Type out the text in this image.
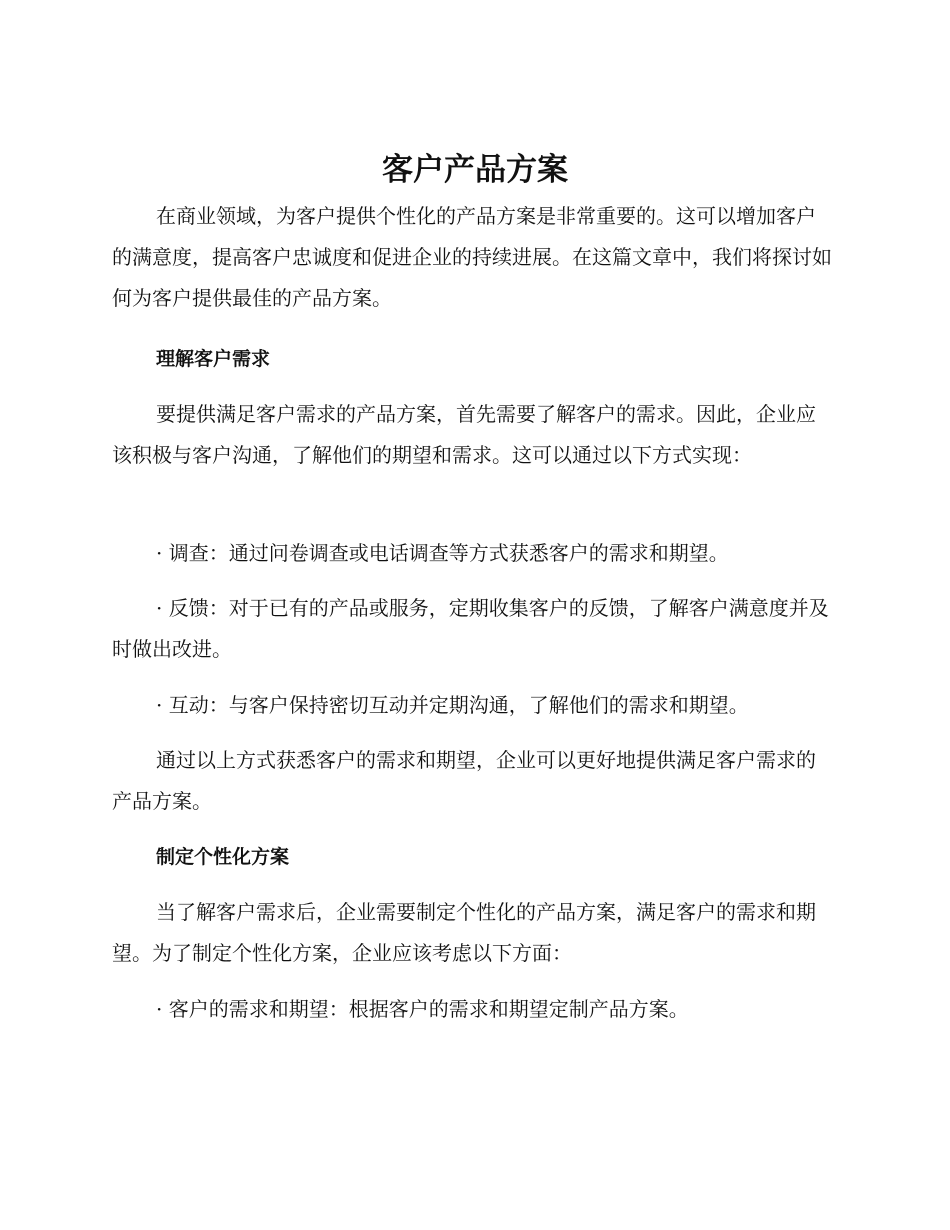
客户产品方案

在商业领域，为客户提供个性化的产品方案是非常重要的。这可以增加客户的满意度，提高客户忠诚度和促进企业的持续进展。在这篇文章中，我们将探讨如何为客户提供最佳的产品方案。

理解客户需求

要提供满足客户需求的产品方案，首先需要了解客户的需求。因此，企业应该积极与客户沟通，了解他们的期望和需求。这可以通过以下方式实现：

· 调查：通过问卷调查或电话调查等方式获悉客户的需求和期望。

· 反馈：对于已有的产品或服务，定期收集客户的反馈，了解客户满意度并及时做出改进。

· 互动：与客户保持密切互动并定期沟通，了解他们的需求和期望。

通过以上方式获悉客户的需求和期望，企业可以更好地提供满足客户需求的产品方案。

制定个性化方案

当了解客户需求后，企业需要制定个性化的产品方案，满足客户的需求和期望。为了制定个性化方案，企业应该考虑以下方面：

· 客户的需求和期望：根据客户的需求和期望定制产品方案。
